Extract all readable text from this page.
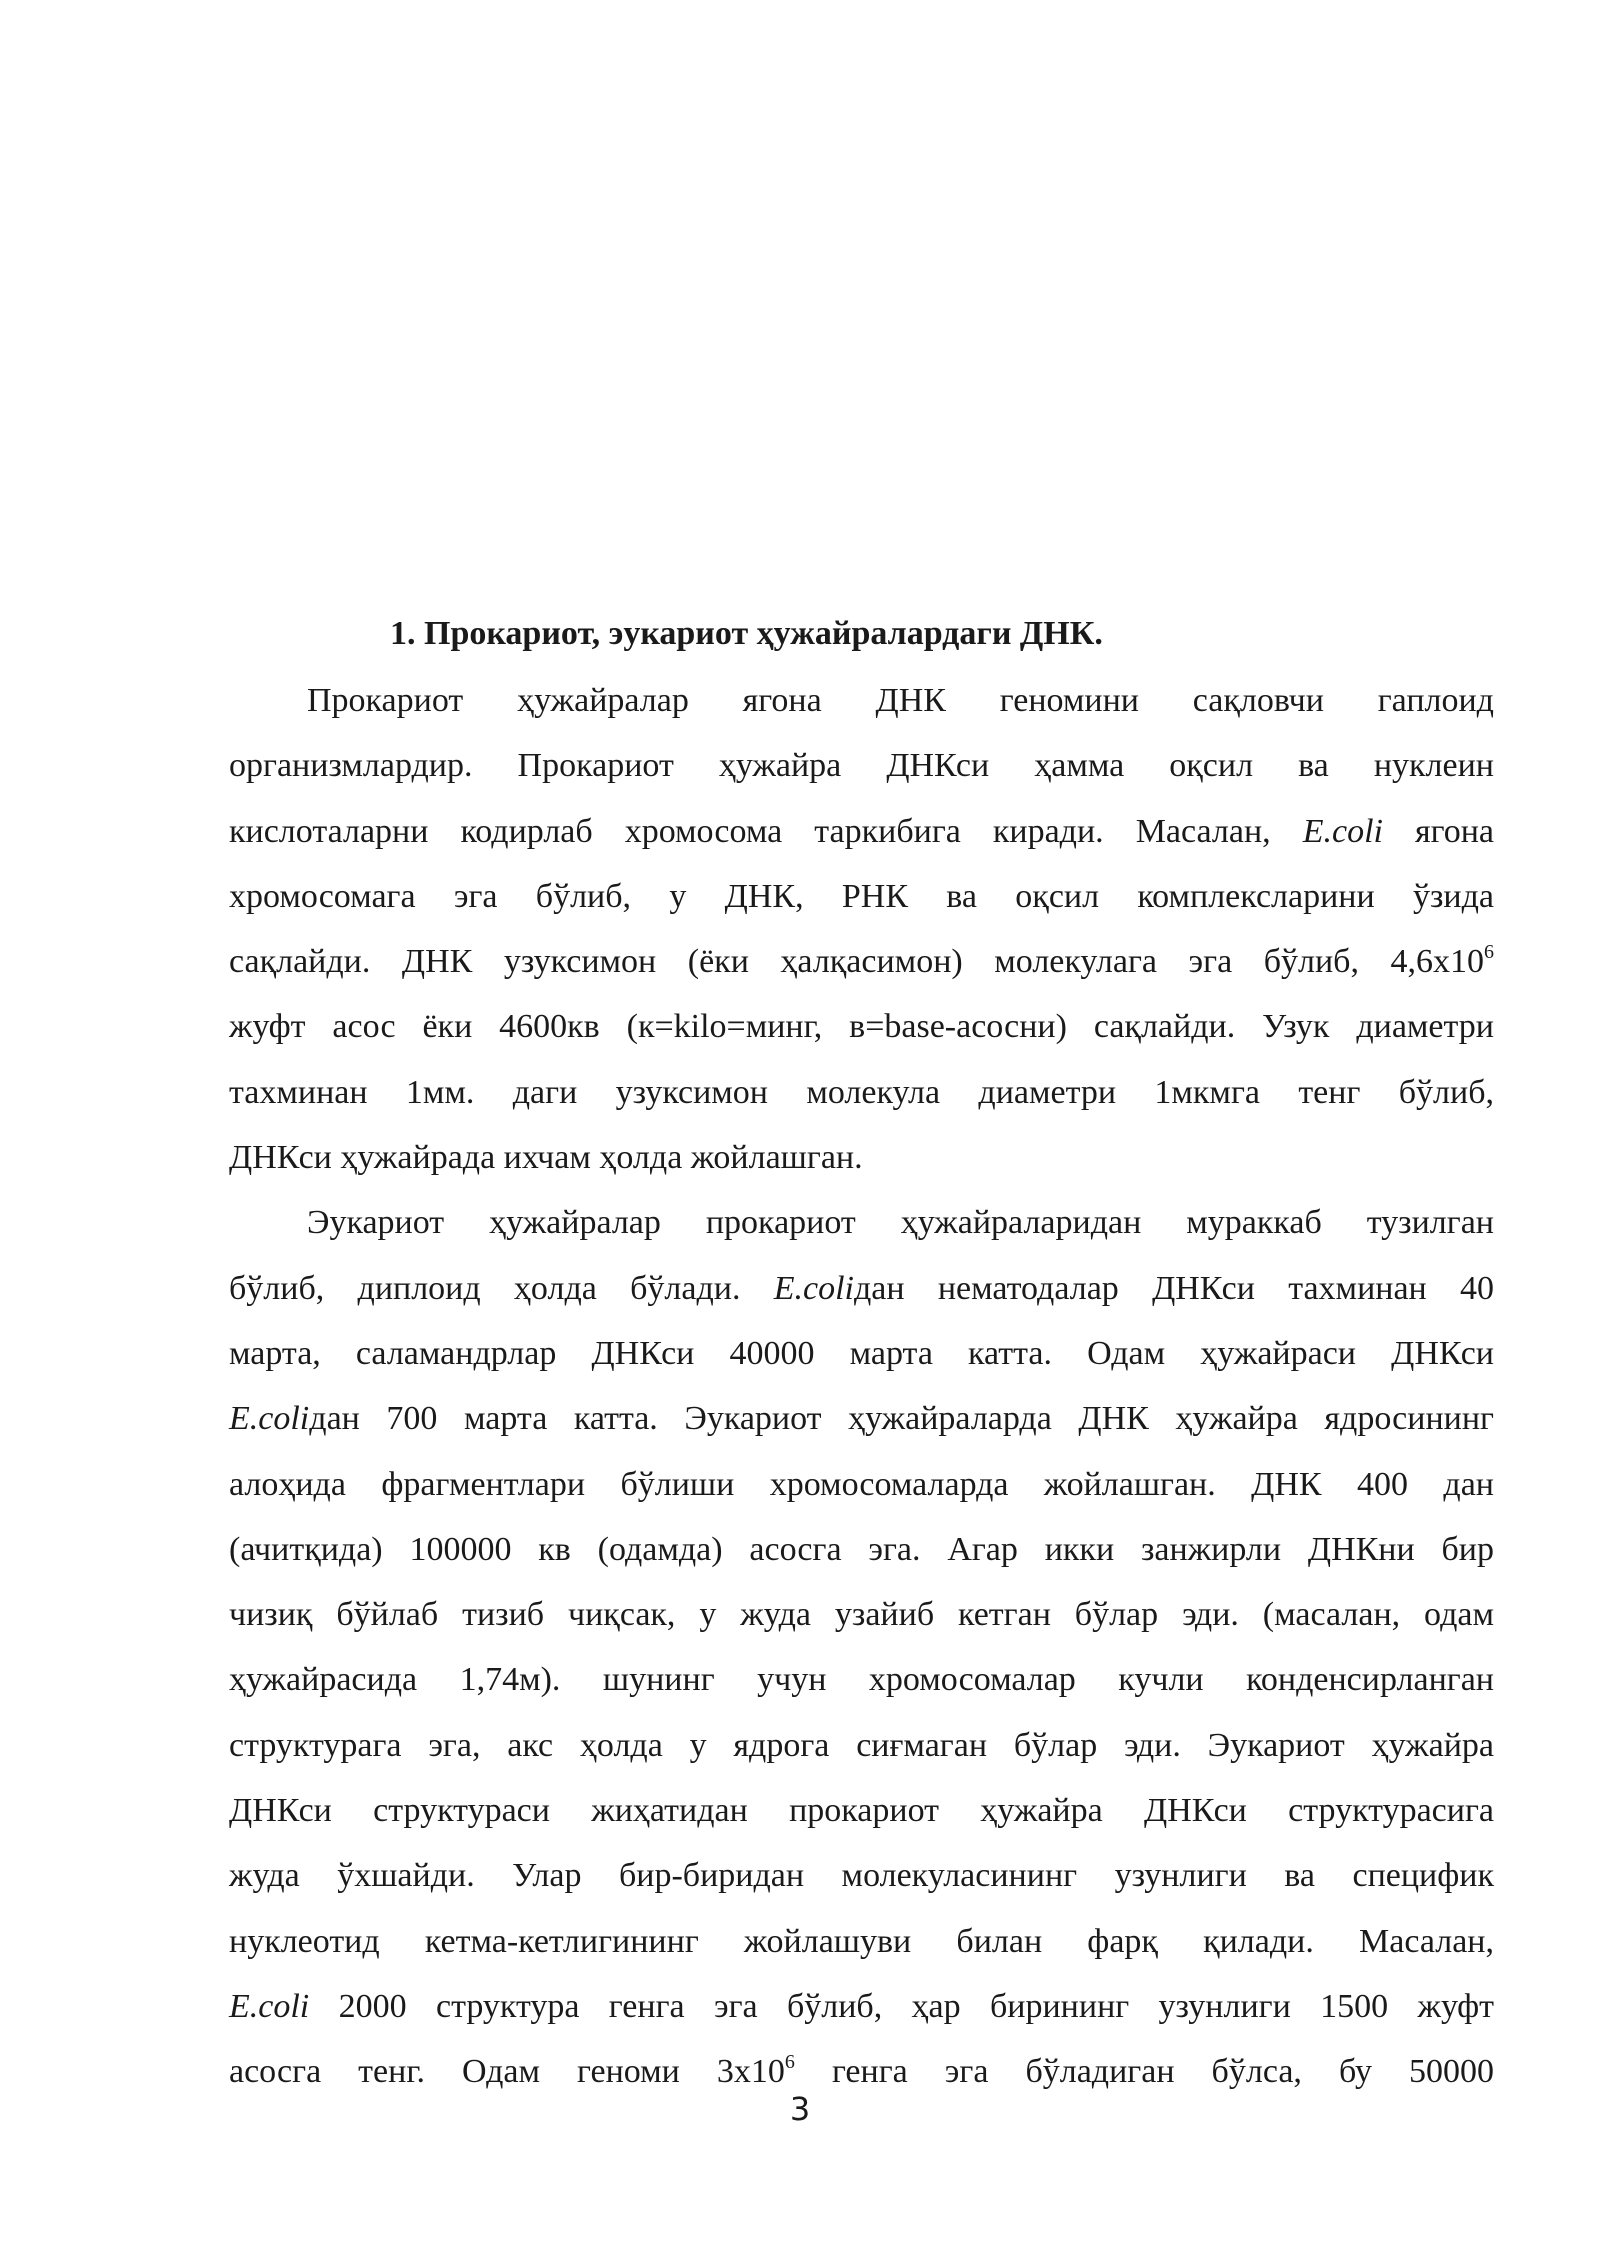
1. Прокариот, эукариот ҳужайралардаги ДНК.
Прокариот ҳужайралар ягона ДНК геномини сақловчи гаплоид
организмлардир. Прокариот ҳужайра ДНКси ҳамма оқсил ва нуклеин
кислоталарни кодирлаб хромосома таркибига киради. Масалан, E.coli ягона
хромосомага эга бўлиб, у ДНК, РНК ва оқсил комплексларини ўзида
сақлайди. ДНК узуксимон (ёки ҳалқасимон) молекулага эга бўлиб, $4,6х10^6$
жуфт асос ёки 4600кв (к=kilo=минг, в=base-асосни) сақлайди. Узук диаметри
тахминан 1мм. даги узуксимон молекула диаметри 1мкмга тенг бўлиб,
ДНКси ҳужайрада ихчам ҳолда жойлашган.
Эукариот ҳужайралар прокариот ҳужайраларидан мураккаб тузилган
бўлиб, диплоид ҳолда бўлади. E.coliдан нематодалар ДНКси тахминан 40
марта, саламандрлар ДНКси 40000 марта катта. Одам ҳужайраси ДНКси
E.coliдан 700 марта катта. Эукариот ҳужайраларда ДНК ҳужайра ядросининг
алоҳида фрагментлари бўлиши хромосомаларда жойлашган. ДНК 400 дан
(ачитқида) 100000 кв (одамда) асосга эга. Агар икки занжирли ДНКни бир
чизиқ бўйлаб тизиб чиқсак, у жуда узайиб кетган бўлар эди. (масалан, одам
ҳужайрасида 1,74м). шунинг учун хромосомалар кучли конденсирланган
структурага эга, акс ҳолда у ядрога сиғмаган бўлар эди. Эукариот ҳужайра
ДНКси структураси жиҳатидан прокариот ҳужайра ДНКси структурасига
жуда ўхшайди. Улар бир-биридан молекуласининг узунлиги ва специфик
нуклеотид кетма-кетлигининг жойлашуви билан фарқ қилади. Масалан,
E.coli 2000 структура генга эга бўлиб, ҳар бирининг узунлиги 1500 жуфт
асосга тенг. Одам геноми $3х10^6$ генга эга бўладиган бўлса, бу 50000
3
